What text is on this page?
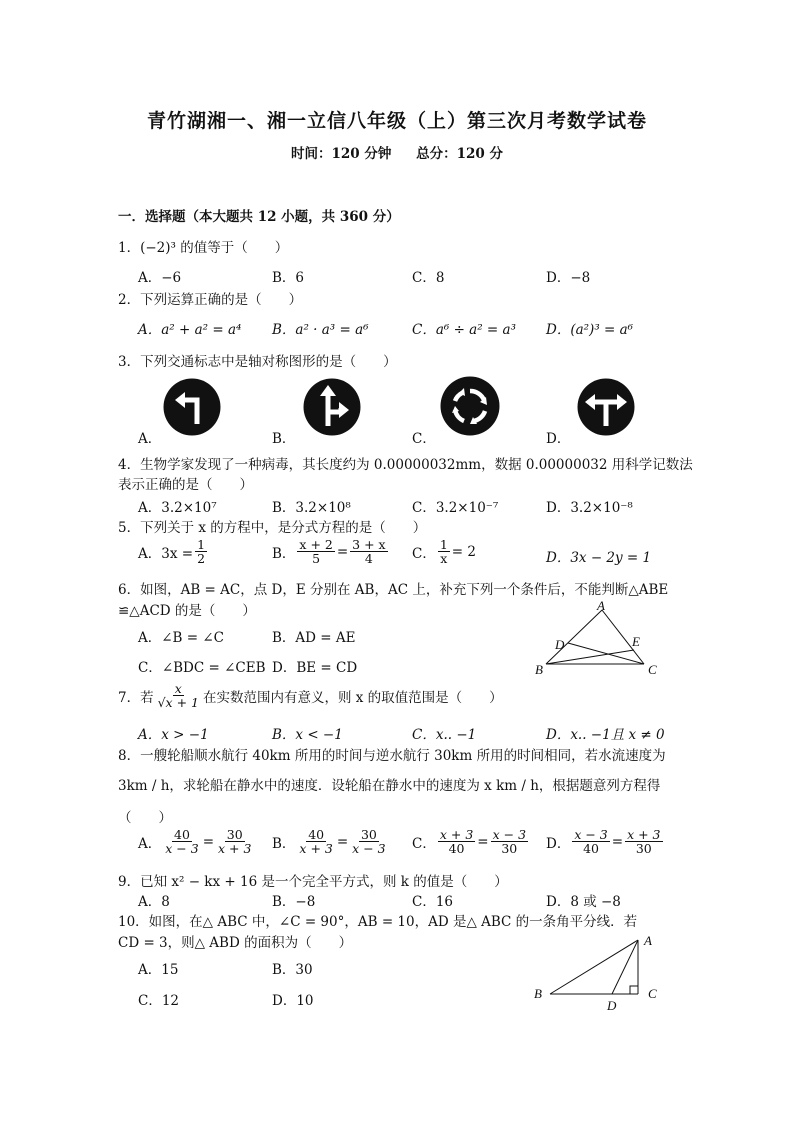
青竹湖湘一、湘一立信八年级（上）第三次月考数学试卷
时间：120 分钟 总分：120 分
一．选择题（本大题共 12 小题，共 360 分）
1．(−2)³ 的值等于（　　）
A．−6	B．6	C．8	D．−8
2．下列运算正确的是（　　）
A．a² + a² = a⁴ B．a² · a³ = a⁶	C．a⁶ ÷ a² = a³ D．(a²)³ = a⁶
3．下列交通标志中是轴对称图形的是（　　）
A．	B．	C．	D．
4．生物学家发现了一种病毒，其长度约为 0.00000032mm，数据 0.00000032 用科学记数法
表示正确的是（　　）
A．3.2×10⁷	B．3.2×10⁸	C．3.2×10⁻⁷	D．3.2×10⁻⁸
5．下列关于 x 的方程中，是分式方程的是（　　）
A．$3x = \frac{1}{2}$	B． $\frac{x + 2}{5} = \frac{3 + x}{4}$ C． $\frac{1}{x} = 2$	D．3x − 2y = 1
6．如图，AB = AC，点 D，E 分别在 AB，AC 上，补充下列一个条件后，不能判断△ABE
≌△ACD 的是（　　）
A．∠B = ∠C	B．AD = AE
C．∠BDC = ∠CEB D．BE = CD
A
D	E
B	C
7．若 $\frac{x}{√x + 1}$ 在实数范围内有意义，则 x 的取值范围是（　　）
A．x > −1	B．x < −1	C．x.. −1	D．x.. −1且 x ≠ 0
8．一艘轮船顺水航行 40km 所用的时间与逆水航行 30km 所用的时间相同，若水流速度为
3km / h，求轮船在静水中的速度．设轮船在静水中的速度为 x km / h，根据题意列方程得
（　　）
A． $\frac{40}{x - 3} = \frac{30}{x + 3}$ B． $\frac{40}{x + 3} = \frac{30}{x - 3}$ C． $\frac{x + 3}{40} = \frac{x - 3}{30}$ D． $\frac{x - 3}{40} = \frac{x + 3}{30}$
9．已知 x² − kx + 16 是一个完全平方式，则 k 的值是（　　）
A．8	B．−8	C．16	D．8 或 −8
10．如图，在△ ABC 中，∠C = 90°，AB = 10，AD 是△ ABC 的一条角平分线．若
CD = 3，则△ ABD 的面积为（　　）
A．15	B．30
C．12	D．10
A
B
D
C
